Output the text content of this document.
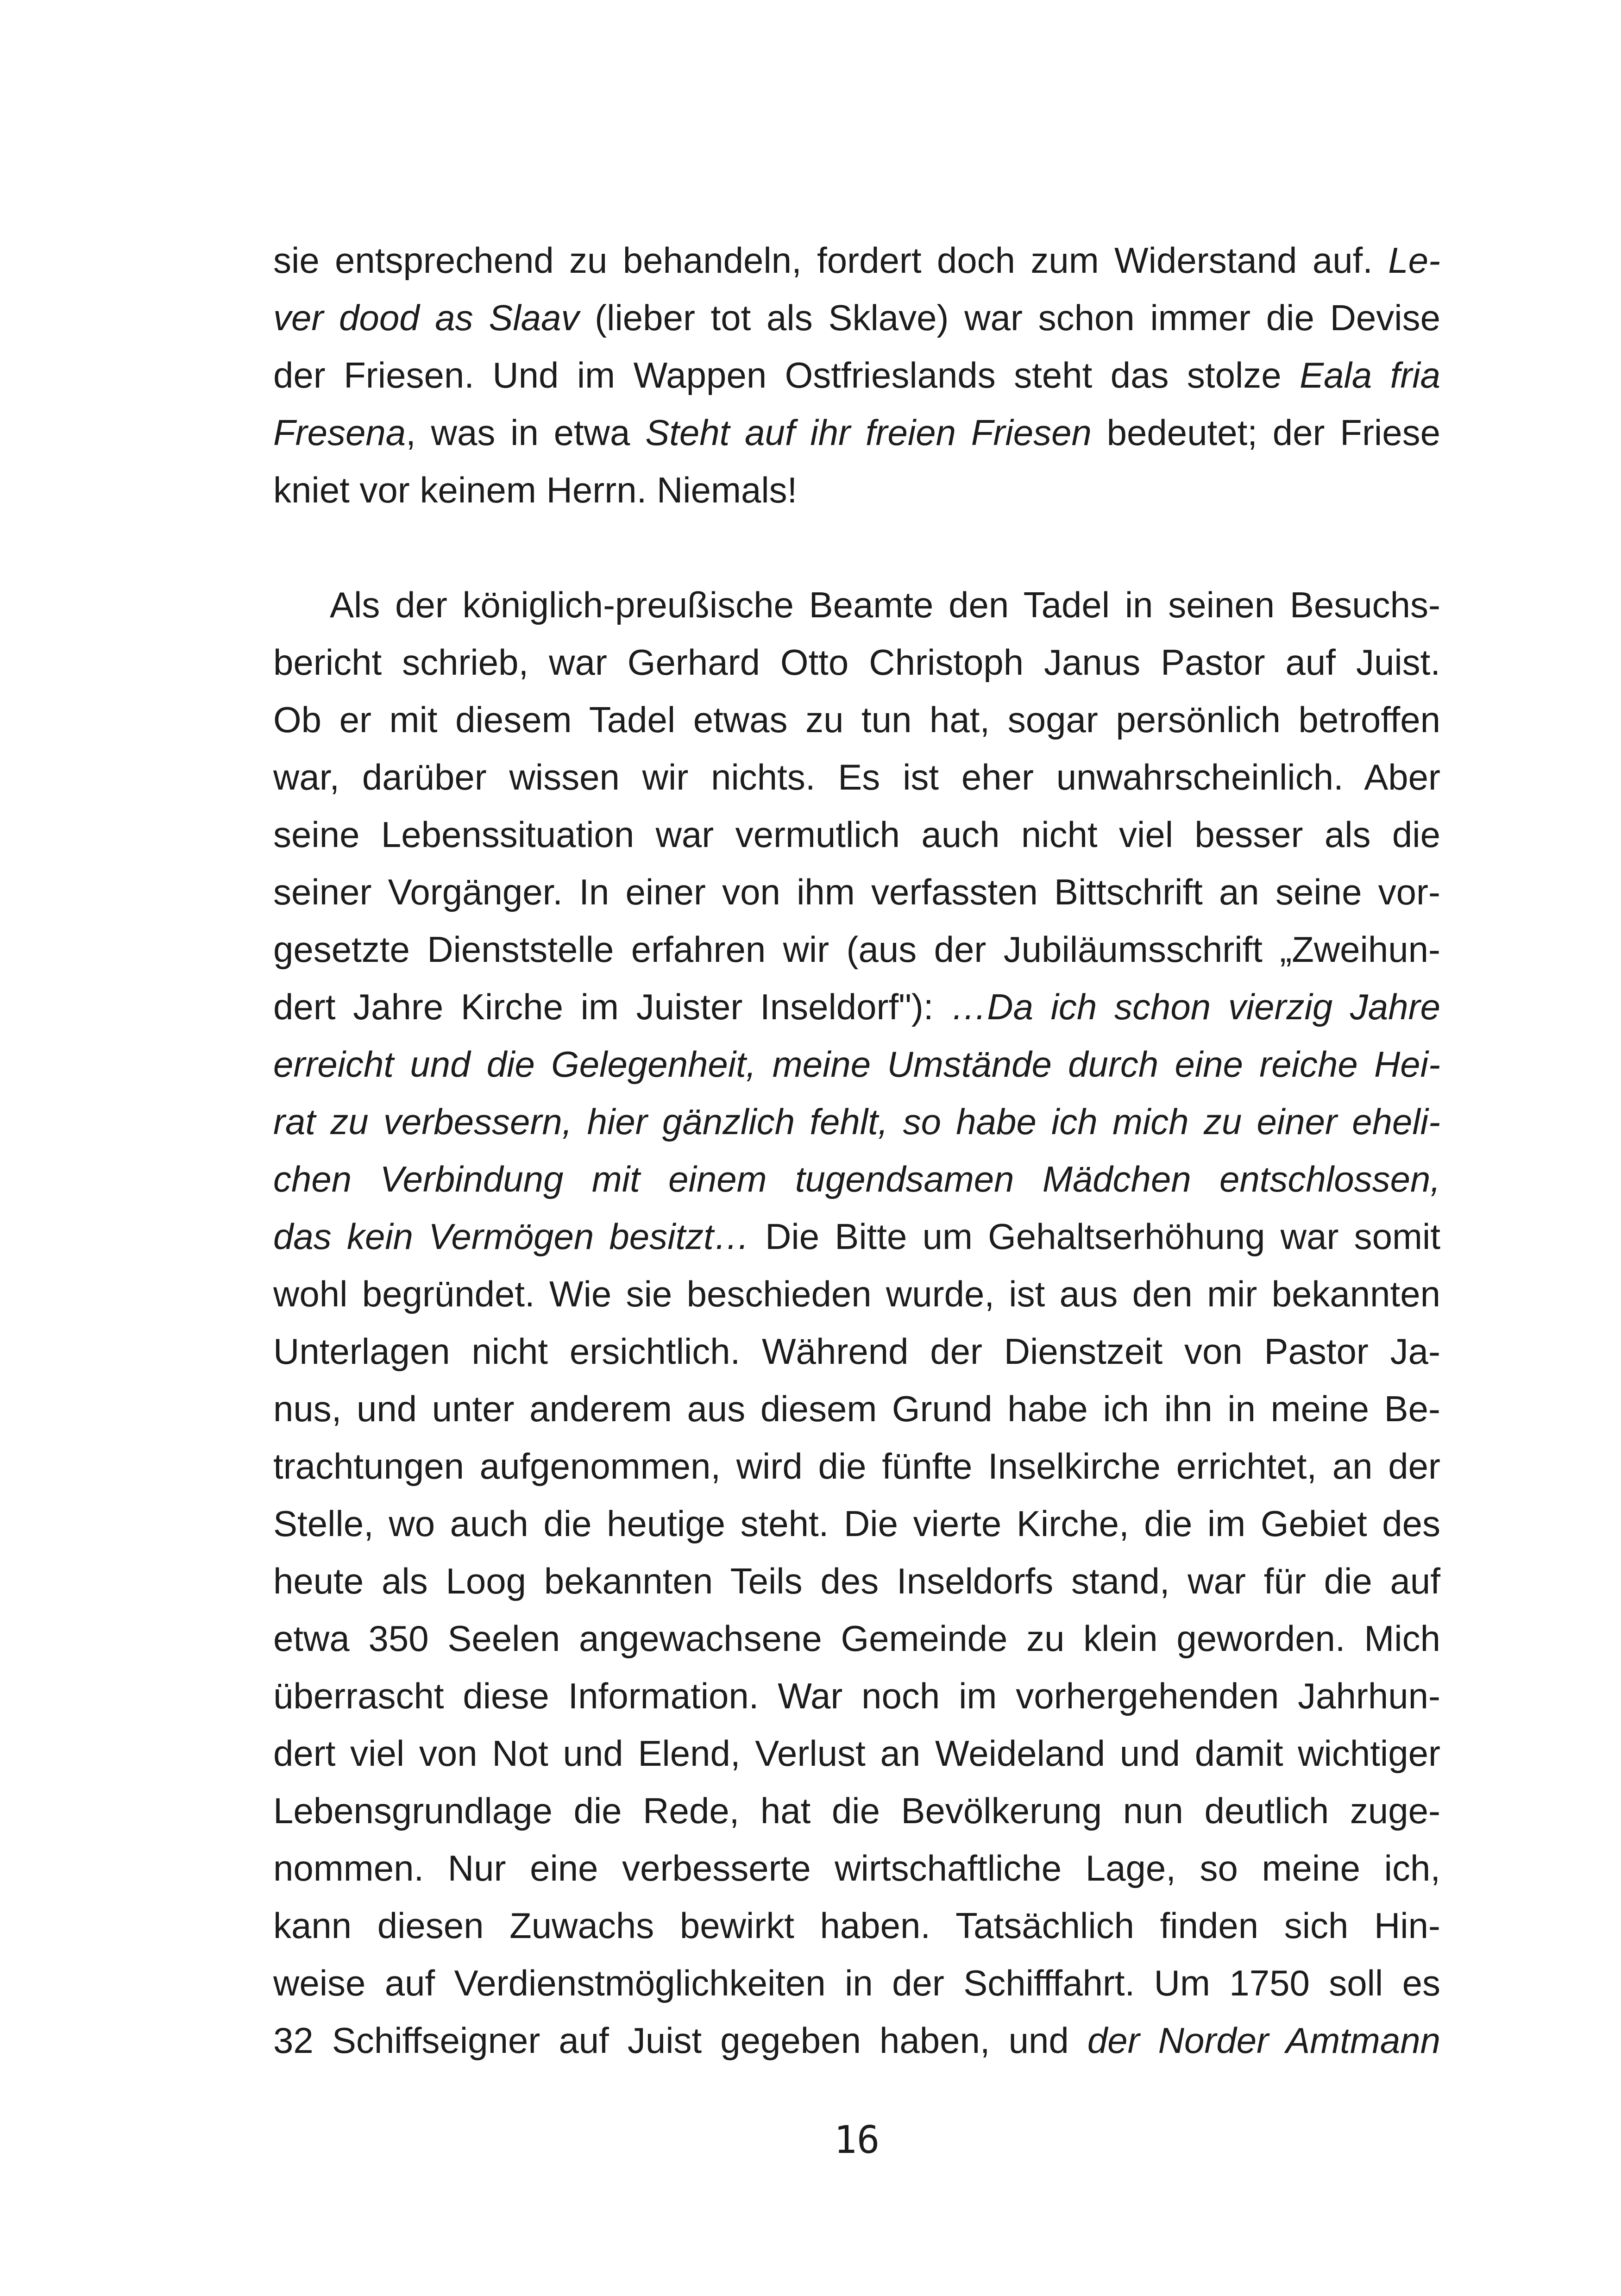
sie entsprechend zu behandeln, fordert doch zum Widerstand auf. Le-
ver dood as Slaav (lieber tot als Sklave) war schon immer die Devise
der Friesen. Und im Wappen Ostfrieslands steht das stolze Eala fria
Fresena, was in etwa Steht auf ihr freien Friesen bedeutet; der Friese
kniet vor keinem Herrn. Niemals!
Als der königlich-preußische Beamte den Tadel in seinen Besuchs-
bericht schrieb, war Gerhard Otto Christoph Janus Pastor auf Juist.
Ob er mit diesem Tadel etwas zu tun hat, sogar persönlich betroffen
war, darüber wissen wir nichts. Es ist eher unwahrscheinlich. Aber
seine Lebenssituation war vermutlich auch nicht viel besser als die
seiner Vorgänger. In einer von ihm verfassten Bittschrift an seine vor-
gesetzte Dienststelle erfahren wir (aus der Jubiläumsschrift „Zweihun-
dert Jahre Kirche im Juister Inseldorf"): …Da ich schon vierzig Jahre
erreicht und die Gelegenheit, meine Umstände durch eine reiche Hei-
rat zu verbessern, hier gänzlich fehlt, so habe ich mich zu einer eheli-
chen Verbindung mit einem tugendsamen Mädchen entschlossen,
das kein Vermögen besitzt… Die Bitte um Gehaltserhöhung war somit
wohl begründet. Wie sie beschieden wurde, ist aus den mir bekannten
Unterlagen nicht ersichtlich. Während der Dienstzeit von Pastor Ja-
nus, und unter anderem aus diesem Grund habe ich ihn in meine Be-
trachtungen aufgenommen, wird die fünfte Inselkirche errichtet, an der
Stelle, wo auch die heutige steht. Die vierte Kirche, die im Gebiet des
heute als Loog bekannten Teils des Inseldorfs stand, war für die auf
etwa 350 Seelen angewachsene Gemeinde zu klein geworden. Mich
überrascht diese Information. War noch im vorhergehenden Jahrhun-
dert viel von Not und Elend, Verlust an Weideland und damit wichtiger
Lebensgrundlage die Rede, hat die Bevölkerung nun deutlich zuge-
nommen. Nur eine verbesserte wirtschaftliche Lage, so meine ich,
kann diesen Zuwachs bewirkt haben. Tatsächlich finden sich Hin-
weise auf Verdienstmöglichkeiten in der Schifffahrt. Um 1750 soll es
32 Schiffseigner auf Juist gegeben haben, und der Norder Amtmann
16
